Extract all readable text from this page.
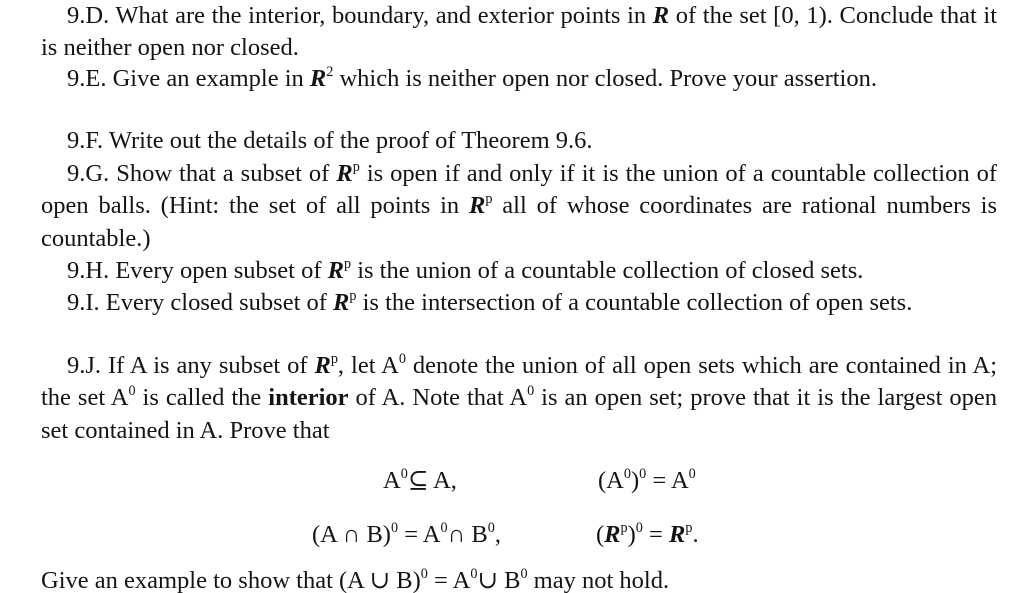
9.D. What are the interior, boundary, and exterior points in R of the set [0, 1). Conclude that it is neither open nor closed.

9.E. Give an example in $R^2$ which is neither open nor closed. Prove your assertion.

9.F. Write out the details of the proof of Theorem 9.6.

9.G. Show that a subset of $R^p$ is open if and only if it is the union of a countable collection of open balls. (Hint: the set of all points in $R^p$ all of whose coordinates are rational numbers is countable.)

9.H. Every open subset of $R^p$ is the union of a countable collection of closed sets.

9.I. Every closed subset of $R^p$ is the intersection of a countable collection of open sets.

9.J. If A is any subset of $R^p$, let $A^0$ denote the union of all open sets which are contained in A; the set $A^0$ is called the interior of A. Note that $A^0$ is an open set; prove that it is the largest open set contained in A. Prove that

$A^0⊆$ A,	$(A^0)^0 = A^0$
(A ∩ $B)^0 = A^0\cap$ $B^0$,	$(R^p)^0 = R^p$.

Give an example to show that (A ∪ $B)^0 = A^0\cup$ $B^0$ may not hold.
